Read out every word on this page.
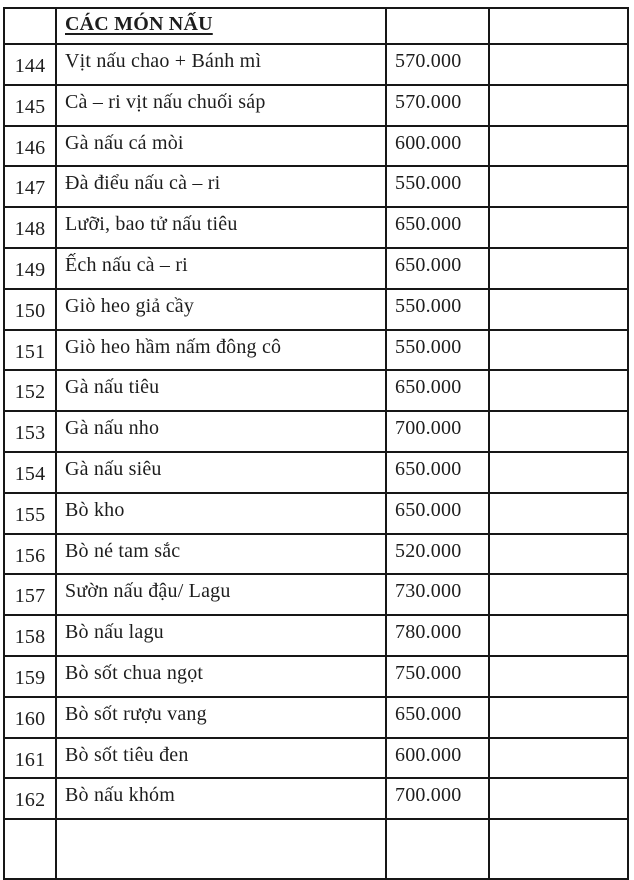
	CÁC MÓN NẤU		
144	Vịt nấu chao + Bánh mì	570.000	
145	Cà – ri vịt nấu chuối sáp	570.000	
146	Gà nấu cá mòi	600.000	
147	Đà điểu nấu cà – ri	550.000	
148	Lưỡi, bao tử nấu tiêu	650.000	
149	Ếch nấu cà – ri	650.000	
150	Giò heo giả cầy	550.000	
151	Giò heo hầm nấm đông cô	550.000	
152	Gà nấu tiêu	650.000	
153	Gà nấu nho	700.000	
154	Gà nấu siêu	650.000	
155	Bò kho	650.000	
156	Bò né tam sắc	520.000	
157	Sườn nấu đậu/ Lagu	730.000	
158	Bò nấu lagu	780.000	
159	Bò sốt chua ngọt	750.000	
160	Bò sốt rượu vang	650.000	
161	Bò sốt tiêu đen	600.000	
162	Bò nấu khóm	700.000	
